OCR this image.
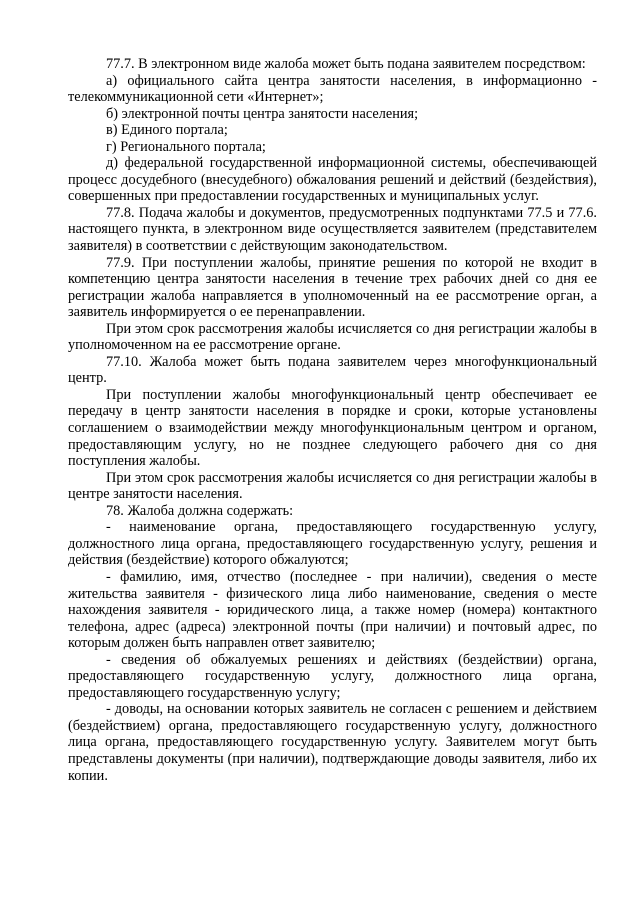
77.7. В электронном виде жалоба может быть подана заявителем посредством:

а) официального сайта центра занятости населения, в информационно - телекоммуникационной сети «Интернет»;

б) электронной почты центра занятости населения;

в) Единого портала;

г) Регионального портала;

д) федеральной государственной информационной системы, обеспечивающей процесс досудебного (внесудебного) обжалования решений и действий (бездействия), совершенных при предоставлении государственных и муниципальных услуг.

77.8. Подача жалобы и документов, предусмотренных подпунктами 77.5 и 77.6. настоящего пункта, в электронном виде осуществляется заявителем (представителем заявителя) в соответствии с действующим законодательством.

77.9. При поступлении жалобы, принятие решения по которой не входит в компетенцию центра занятости населения в течение трех рабочих дней со дня ее регистрации жалоба направляется в уполномоченный на ее рассмотрение орган, а заявитель информируется о ее перенаправлении.

При этом срок рассмотрения жалобы исчисляется со дня регистрации жалобы в уполномоченном на ее рассмотрение органе.

77.10. Жалоба может быть подана заявителем через многофункциональный центр.

При поступлении жалобы многофункциональный центр обеспечивает ее передачу в центр занятости населения в порядке и сроки, которые установлены соглашением о взаимодействии между многофункциональным центром и органом, предоставляющим услугу, но не позднее следующего рабочего дня со дня поступления жалобы.

При этом срок рассмотрения жалобы исчисляется со дня регистрации жалобы в центре занятости населения.

78. Жалоба должна содержать:

- наименование органа, предоставляющего государственную услугу, должностного лица органа, предоставляющего государственную услугу, решения и действия (бездействие) которого обжалуются;

- фамилию, имя, отчество (последнее - при наличии), сведения о месте жительства заявителя - физического лица либо наименование, сведения о месте нахождения заявителя - юридического лица, а также номер (номера) контактного телефона, адрес (адреса) электронной почты (при наличии) и почтовый адрес, по которым должен быть направлен ответ заявителю;

- сведения об обжалуемых решениях и действиях (бездействии) органа, предоставляющего государственную услугу, должностного лица органа, предоставляющего государственную услугу;

- доводы, на основании которых заявитель не согласен с решением и действием (бездействием) органа, предоставляющего государственную услугу, должностного лица органа, предоставляющего государственную услугу. Заявителем могут быть представлены документы (при наличии), подтверждающие доводы заявителя, либо их копии.
